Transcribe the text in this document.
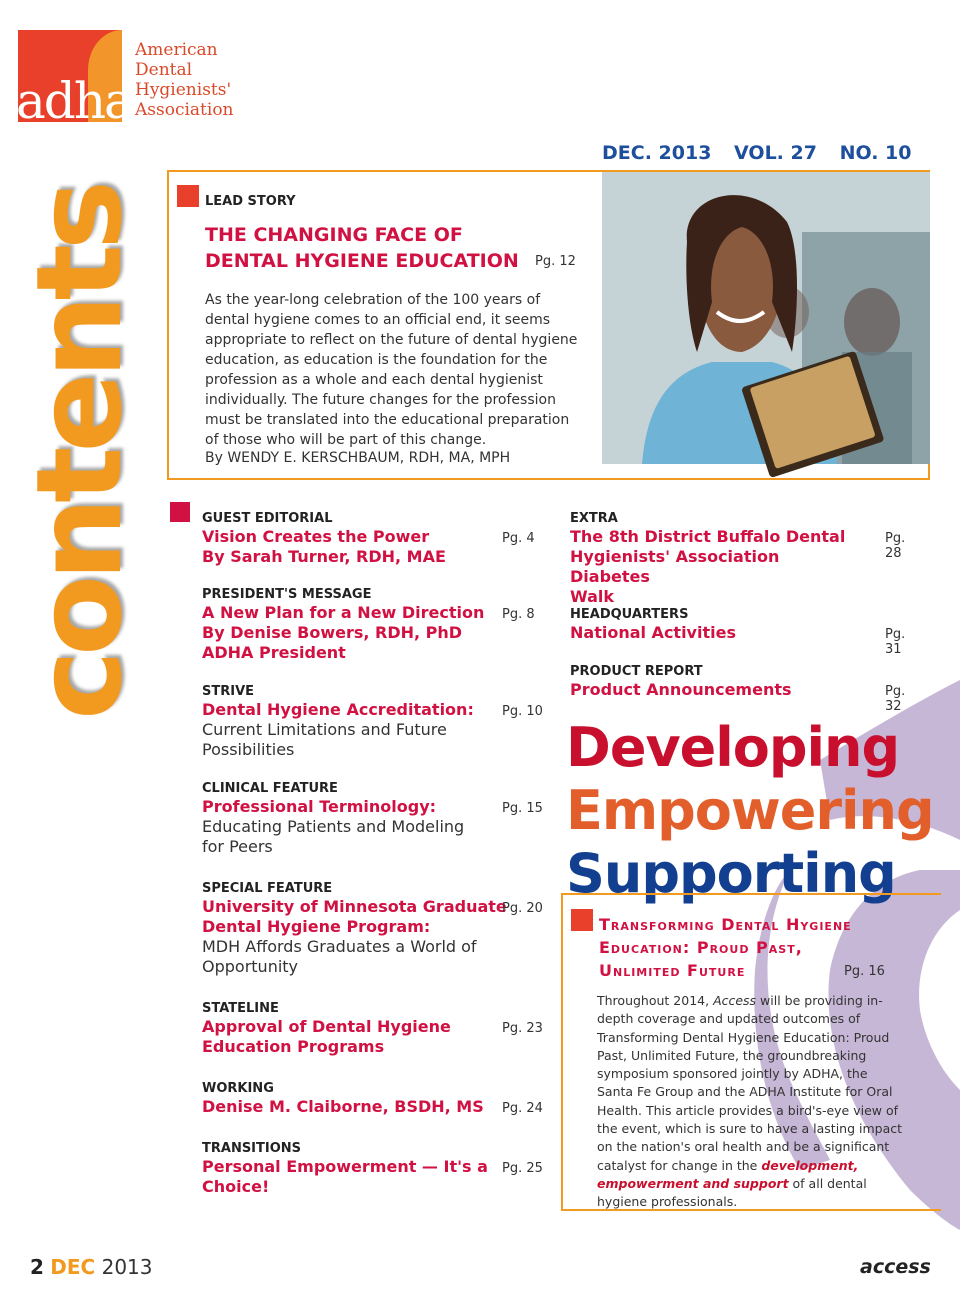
adha
American
Dental
Hygienists'
Association
contents
DEC. 2013 VOL. 27 NO. 10
LEAD STORY
THE CHANGING FACE OF
DENTAL HYGIENE EDUCATION Pg. 12
As the year-long celebration of the 100 years of dental hygiene comes to an official end, it seems appropriate to reflect on the future of dental hygiene education, as education is the foundation for the profession as a whole and each dental hygienist individually. The future changes for the profession must be translated into the educational preparation of those who will be part of this change.
By WENDY E. KERSCHBAUM, RDH, MA, MPH
GUEST EDITORIAL
Vision Creates the Power
By Sarah Turner, RDH, MAE
Pg. 4
PRESIDENT'S MESSAGE
A New Plan for a New Direction
By Denise Bowers, RDH, PhD
ADHA President
Pg. 8
STRIVE
Dental Hygiene Accreditation:
Current Limitations and Future
Possibilities
Pg. 10
CLINICAL FEATURE
Professional Terminology:
Educating Patients and Modeling
for Peers
Pg. 15
SPECIAL FEATURE
University of Minnesota Graduate
Dental Hygiene Program:
MDH Affords Graduates a World of
Opportunity
Pg. 20
STATELINE
Approval of Dental Hygiene
Education Programs
Pg. 23
WORKING
Denise M. Claiborne, BSDH, MS	Pg. 24
TRANSITIONS
Personal Empowerment — It's a
Choice!
Pg. 25
EXTRA
The 8th District Buffalo Dental
Hygienists' Association Diabetes
Walk
Pg. 28
HEADQUARTERS
National Activities	Pg. 31
PRODUCT REPORT
Product Announcements	Pg. 32
Developing
Empowering
Supporting
Transforming Dental Hygiene
Education: Proud Past,
Unlimited Future	Pg. 16
Throughout 2014, Access will be providing in-depth coverage and updated outcomes of Transforming Dental Hygiene Education: Proud Past, Unlimited Future, the groundbreaking symposium sponsored jointly by ADHA, the Santa Fe Group and the ADHA Institute for Oral Health. This article provides a bird's-eye view of the event, which is sure to have a lasting impact on the nation's oral health and be a significant catalyst for change in the development, empowerment and support of all dental hygiene professionals.
2 DEC 2013	access
